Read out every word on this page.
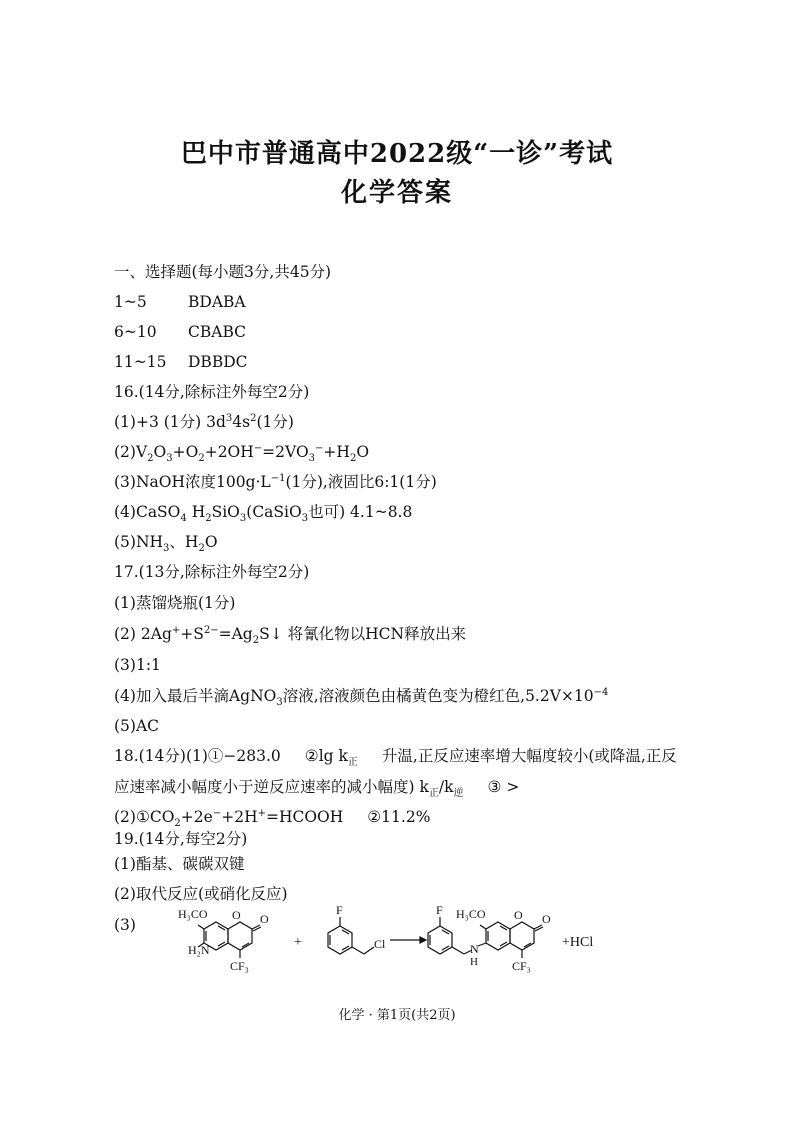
巴中市普通高中2022级“一诊”考试
化学答案
一、选择题(每小题3分,共45分)
1~5	BDABA
6~10 CBABC
11~15 DBBDC
16.(14分,除标注外每空2分)
(1)+3 (1分) $3d^34s^2(1$分)
$(2)V_2O_3+O_2+2OH^-=2VO_3^-+H_2O$
(3)NaOH浓度$100g\cdot L^{-1}(1$分),液固比6:1(1分)
(4)CaSO$_4$ $H_2SiO_3(CaSiO_3$也可) 4.1~8.8
$(5)NH_3$、$H_2O$
17.(13分,除标注外每空2分)
(1)蒸馏烧瓶(1分)
(2) $2Ag^++S^{2-}=Ag_2S↓$ 将氰化物以HCN释放出来
(3)1:1
(4)加入最后半滴AgNO$_3$溶液,溶液颜色由橘黄色变为橙红色$,5.2V\times 10^{-4}$
(5)AC
18.(14分)(1)①−283.0 ②lg $k_正$ 升温,正反应速率增大幅度较小(或降温,正反
应速率减小幅度小于逆反应速率的减小幅度) $k_正/k_逆$ ③ >
$(2)①CO_2+2e^-+2H^+=HCOOH$ ②11.2%
19.(14分,每空2分)
(1)酯基、碳碳双键
(2)取代反应(或硝化反应)
(3)
H₃CO O O
H₂N
CF₃
+
F
Cl
F H₃CO O O
N
H	CF₃
+HCl
化学 · 第1页(共2页)
